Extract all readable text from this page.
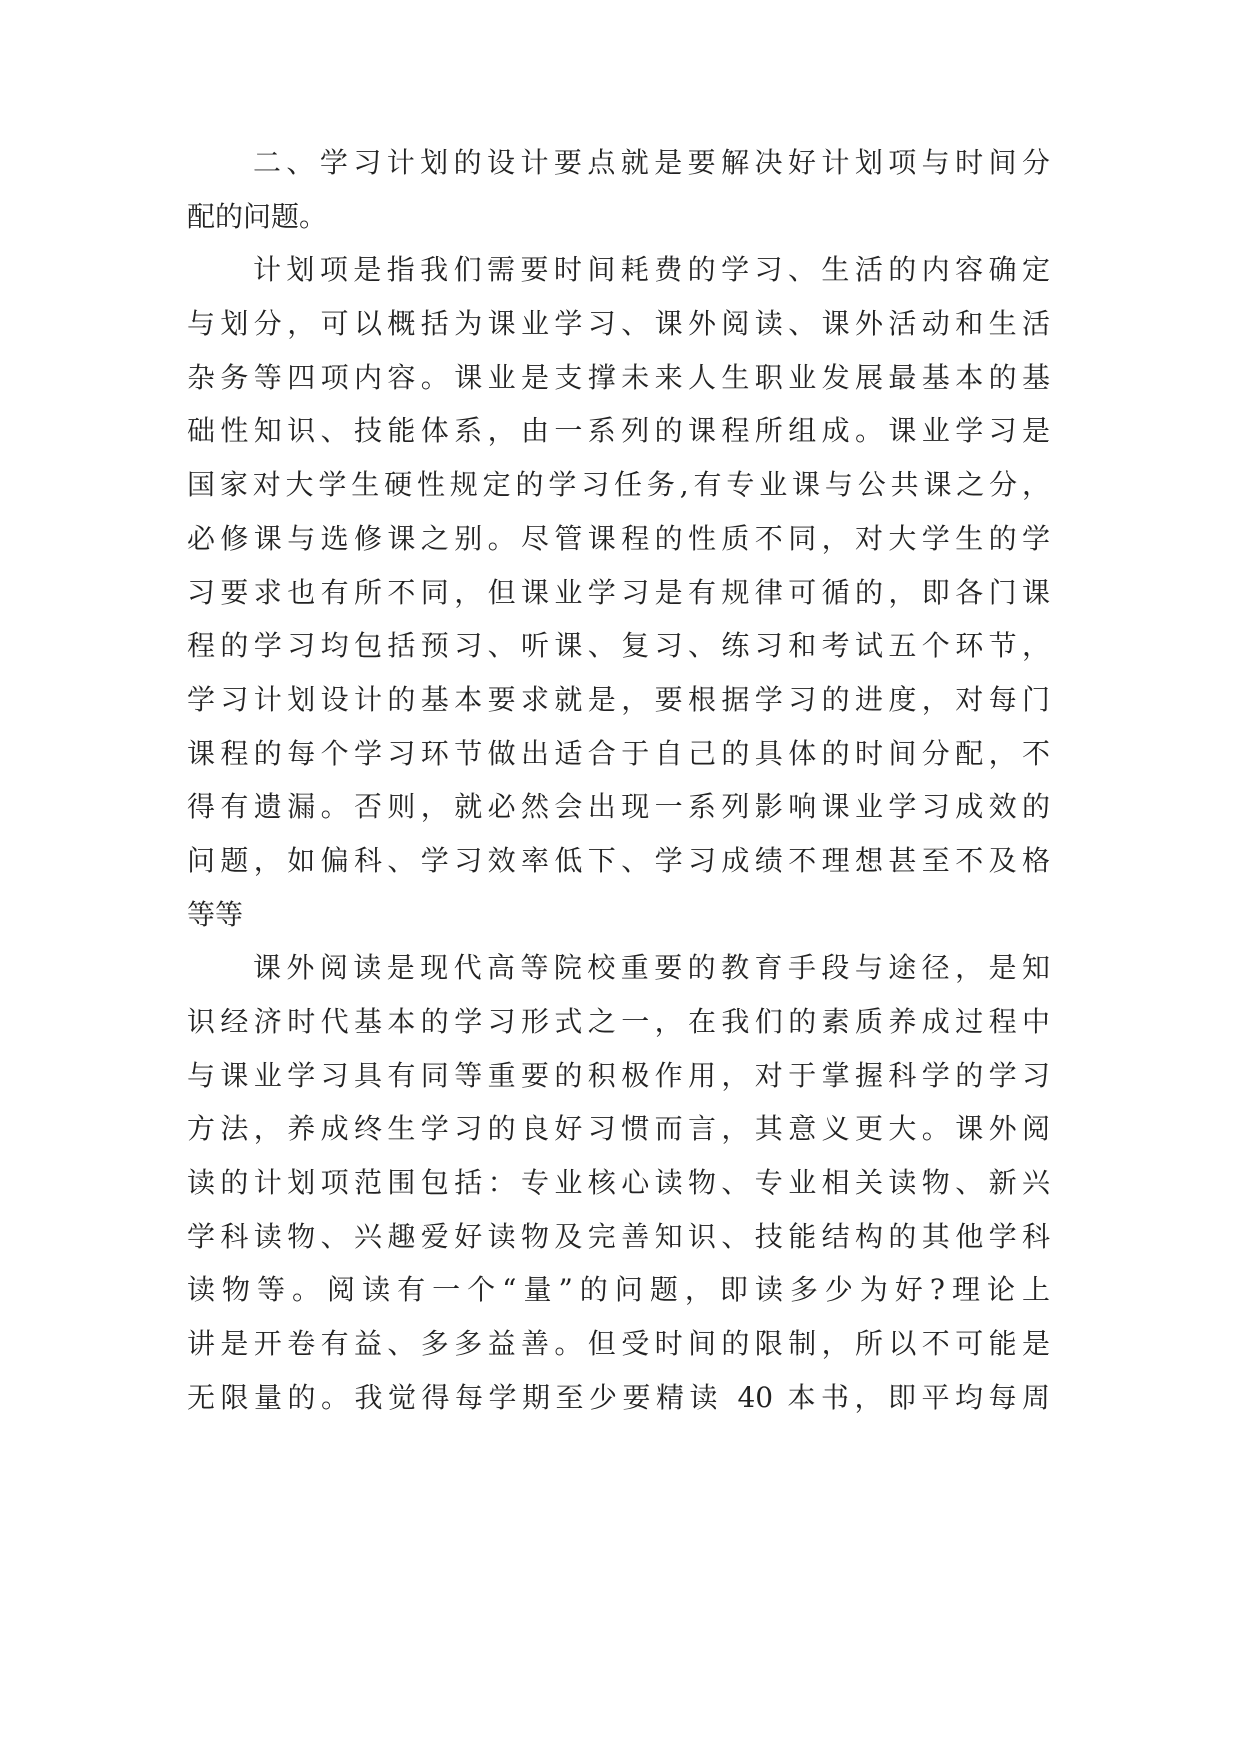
二、学习计划的设计要点就是要解决好计划项与时间分
配的问题。
计划项是指我们需要时间耗费的学习、生活的内容确定
与划分，可以概括为课业学习、课外阅读、课外活动和生活
杂务等四项内容。课业是支撑未来人生职业发展最基本的基
础性知识、技能体系，由一系列的课程所组成。课业学习是
国家对大学生硬性规定的学习任务,有专业课与公共课之分，
必修课与选修课之别。尽管课程的性质不同，对大学生的学
习要求也有所不同，但课业学习是有规律可循的，即各门课
程的学习均包括预习、听课、复习、练习和考试五个环节，
学习计划设计的基本要求就是，要根据学习的进度，对每门
课程的每个学习环节做出适合于自己的具体的时间分配，不
得有遗漏。否则，就必然会出现一系列影响课业学习成效的
问题，如偏科、学习效率低下、学习成绩不理想甚至不及格
等等
课外阅读是现代高等院校重要的教育手段与途径，是知
识经济时代基本的学习形式之一，在我们的素质养成过程中
与课业学习具有同等重要的积极作用，对于掌握科学的学习
方法，养成终生学习的良好习惯而言，其意义更大。课外阅
读的计划项范围包括：专业核心读物、专业相关读物、新兴
学科读物、兴趣爱好读物及完善知识、技能结构的其他学科
读物等。阅读有一个“量”的问题，即读多少为好?理论上
讲是开卷有益、多多益善。但受时间的限制，所以不可能是
无限量的。我觉得每学期至少要精读 40 本书，即平均每周
